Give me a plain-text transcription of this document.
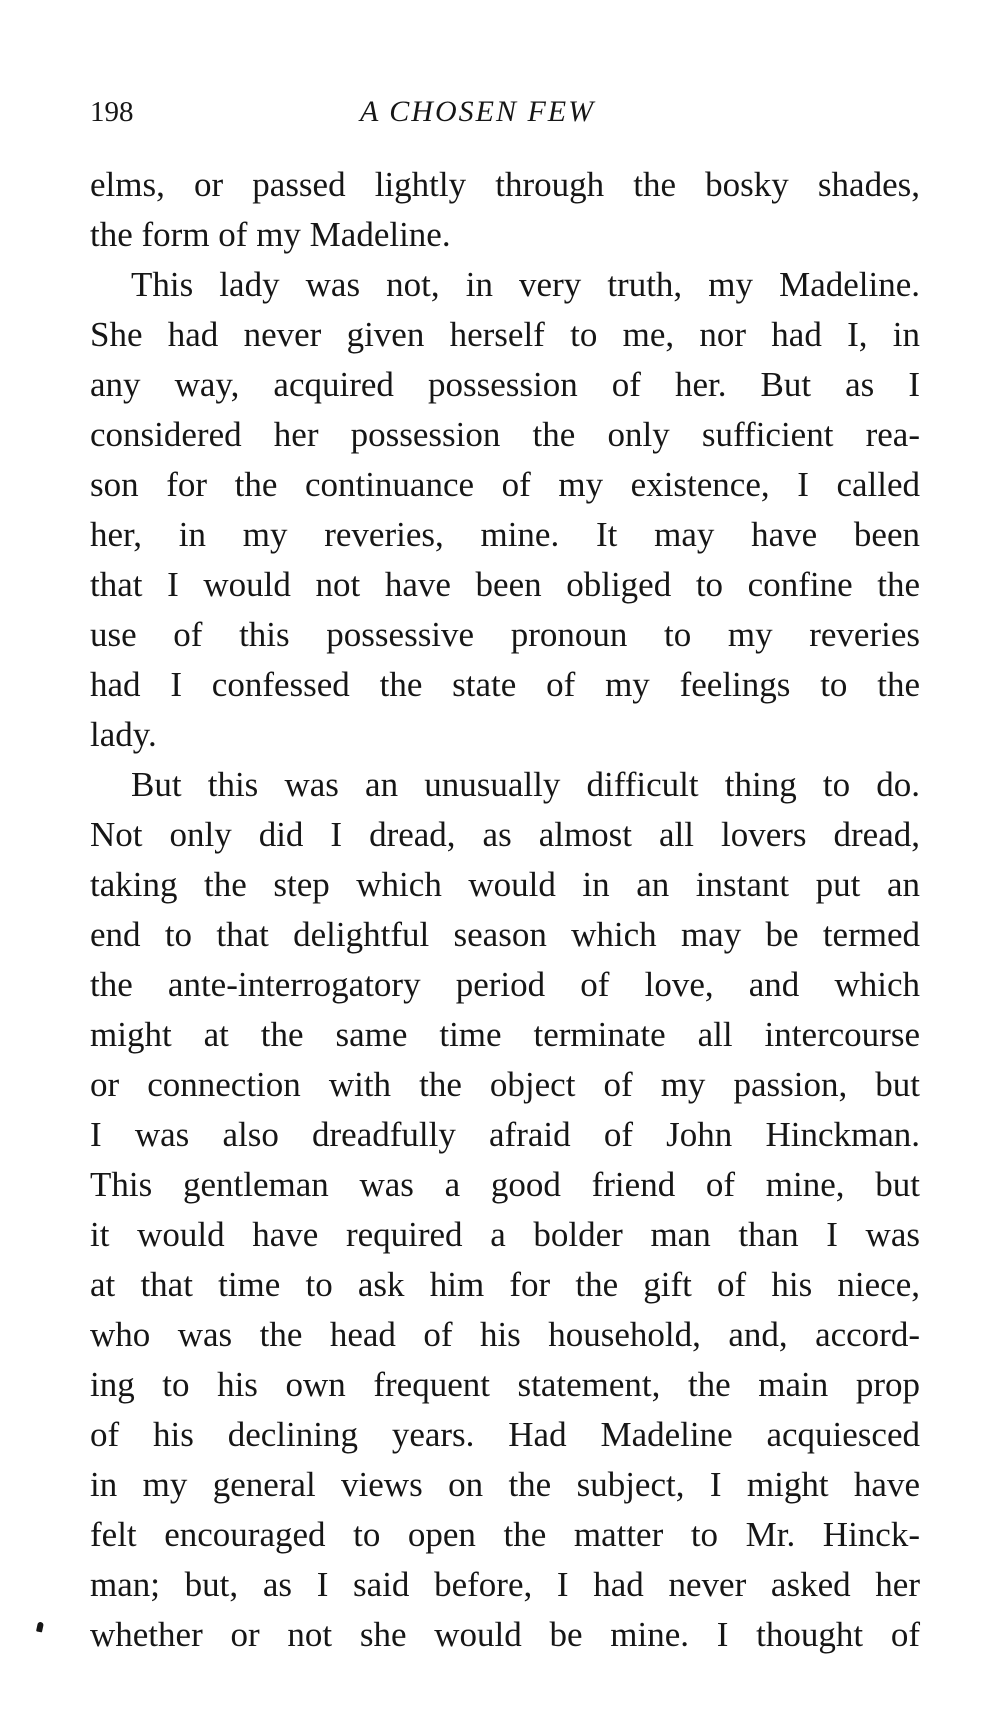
198	A CHOSEN FEW
elms, or passed lightly through the bosky shades,
the form of my Madeline.
This lady was not, in very truth, my Madeline.
She had never given herself to me, nor had I, in
any way, acquired possession of her. But as I
considered her possession the only sufficient rea-
son for the continuance of my existence, I called
her, in my reveries, mine. It may have been
that I would not have been obliged to confine the
use of this possessive pronoun to my reveries
had I confessed the state of my feelings to the
lady.
But this was an unusually difficult thing to do.
Not only did I dread, as almost all lovers dread,
taking the step which would in an instant put an
end to that delightful season which may be termed
the ante-interrogatory period of love, and which
might at the same time terminate all intercourse
or connection with the object of my passion, but
I was also dreadfully afraid of John Hinckman.
This gentleman was a good friend of mine, but
it would have required a bolder man than I was
at that time to ask him for the gift of his niece,
who was the head of his household, and, accord-
ing to his own frequent statement, the main prop
of his declining years. Had Madeline acquiesced
in my general views on the subject, I might have
felt encouraged to open the matter to Mr. Hinck-
man; but, as I said before, I had never asked her
whether or not she would be mine. I thought of
